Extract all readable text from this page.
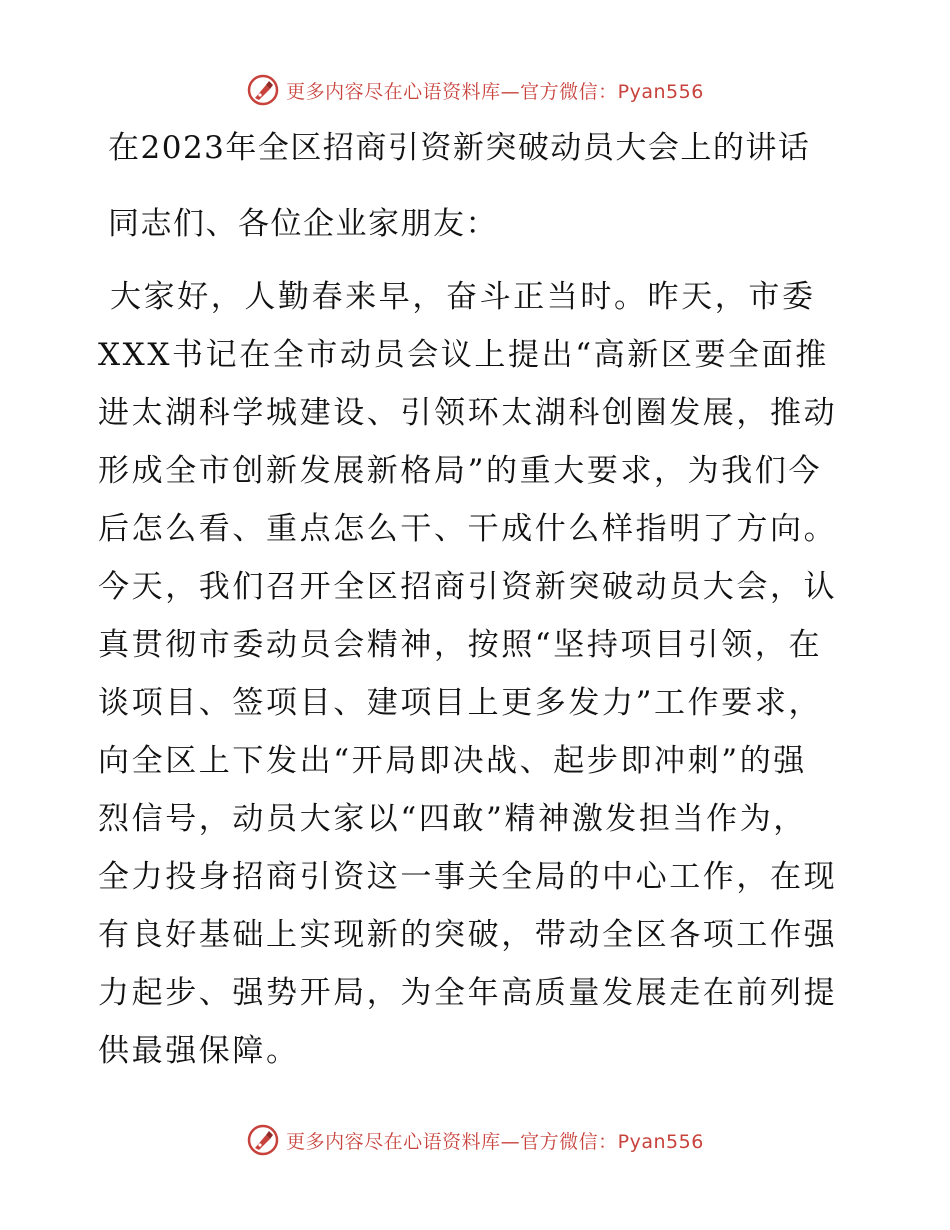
更多内容尽在心语资料库—官方微信：Pyan556
在2023年全区招商引资新突破动员大会上的讲话
同志们、各位企业家朋友：
大家好，人勤春来早，奋斗正当时。昨天，市委
XXX书记在全市动员会议上提出“高新区要全面推
进太湖科学城建设、引领环太湖科创圈发展，推动
形成全市创新发展新格局”的重大要求，为我们今
后怎么看、重点怎么干、干成什么样指明了方向。
今天，我们召开全区招商引资新突破动员大会，认
真贯彻市委动员会精神，按照“坚持项目引领，在
谈项目、签项目、建项目上更多发力”工作要求，
向全区上下发出“开局即决战、起步即冲刺”的强
烈信号，动员大家以“四敢”精神激发担当作为，
全力投身招商引资这一事关全局的中心工作，在现
有良好基础上实现新的突破，带动全区各项工作强
力起步、强势开局，为全年高质量发展走在前列提
供最强保障。
更多内容尽在心语资料库—官方微信：Pyan556
